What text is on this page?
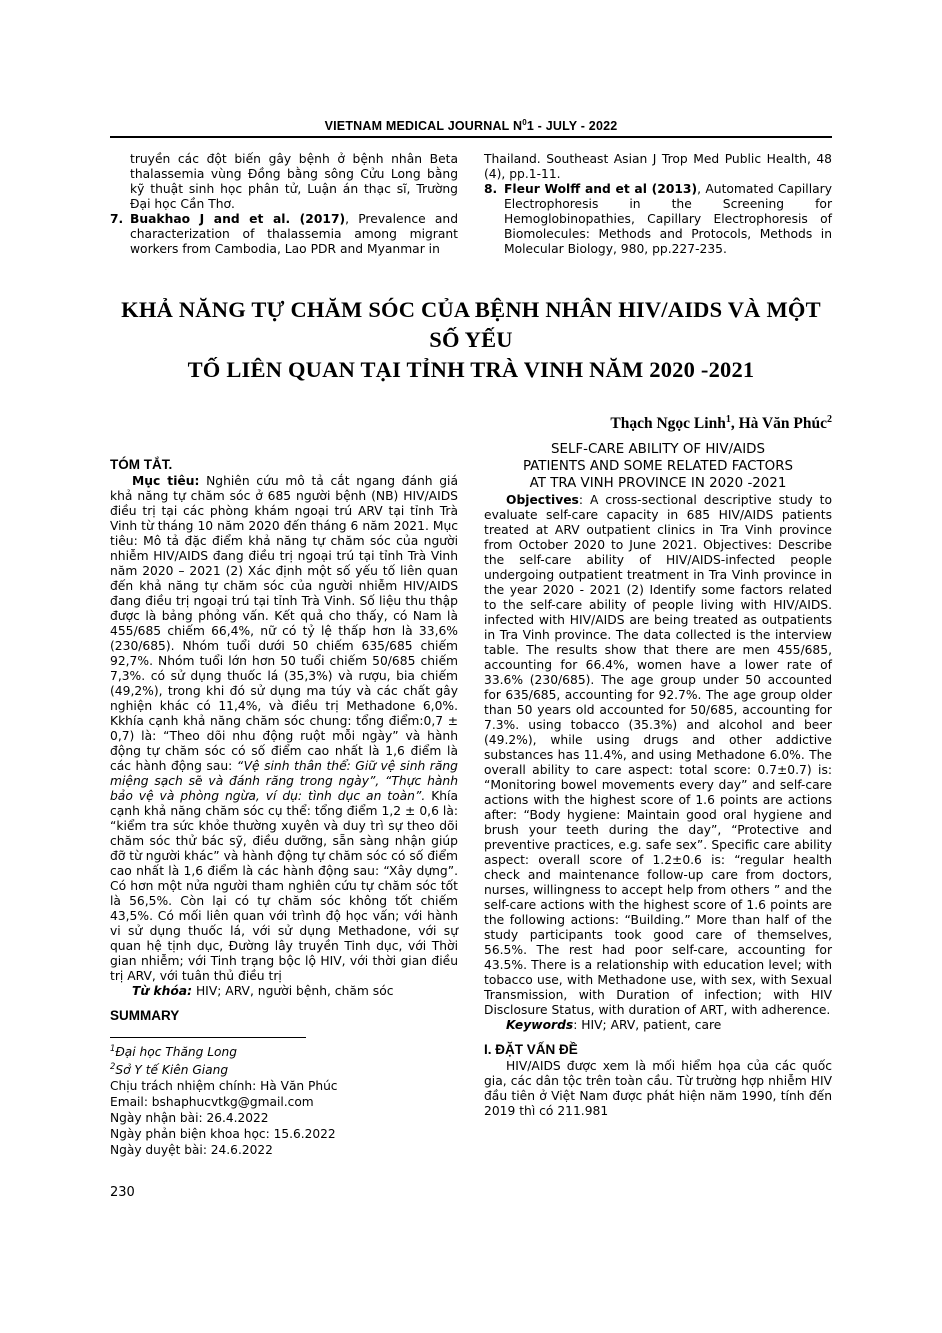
VIETNAM MEDICAL JOURNAL $N^01$ - JULY - 2022

truyền các đột biến gây bệnh ở bệnh nhân Beta thalassemia vùng Đồng bằng sông Cửu Long bằng kỹ thuật sinh học phân tử, Luận án thạc sĩ, Trường Đại học Cần Thơ.

7. Buakhao J and et al. (2017), Prevalence and characterization of thalassemia among migrant workers from Cambodia, Lao PDR and Myanmar in

Thailand. Southeast Asian J Trop Med Public Health, 48 (4), pp.1-11.

8. Fleur Wolff and et al (2013), Automated Capillary Electrophoresis in the Screening for Hemoglobinopathies, Capillary Electrophoresis of Biomolecules: Methods and Protocols, Methods in Molecular Biology, 980, pp.227-235.
KHẢ NĂNG TỰ CHĂM SÓC CỦA BỆNH NHÂN HIV/AIDS VÀ MỘT SỐ YẾU
TỐ LIÊN QUAN TẠI TỈNH TRÀ VINH NĂM 2020 -2021
Thạch Ngọc Linh$^1$, Hà Văn Phúc$^2$
TÓM TẮT.

Mục tiêu: Nghiên cứu mô tả cắt ngang đánh giá khả năng tự chăm sóc ở 685 người bệnh (NB) HIV/AIDS điều trị tại các phòng khám ngoại trú ARV tại tỉnh Trà Vinh từ tháng 10 năm 2020 đến tháng 6 năm 2021. Mục tiêu: Mô tả đặc điểm khả năng tự chăm sóc của người nhiễm HIV/AIDS đang điều trị ngoại trú tại tỉnh Trà Vinh năm 2020 – 2021 (2) Xác định một số yếu tố liên quan đến khả năng tự chăm sóc của người nhiễm HIV/AIDS đang điều trị ngoại trú tại tỉnh Trà Vinh. Số liệu thu thập được là bảng phỏng vấn. Kết quả cho thấy, có Nam là 455/685 chiếm 66,4%, nữ có tỷ lệ thấp hơn là 33,6% (230/685). Nhóm tuổi dưới 50 chiếm 635/685 chiếm 92,7%. Nhóm tuổi lớn hơn 50 tuổi chiếm 50/685 chiếm 7,3%. có sử dụng thuốc lá (35,3%) và rượu, bia chiếm (49,2%), trong khi đó sử dụng ma túy và các chất gây nghiện khác có 11,4%, và điều trị Methadone 6,0%. Kkhía cạnh khả năng chăm sóc chung: tổng điểm:0,7 ± 0,7) là: “Theo dõi nhu động ruột mỗi ngày” và hành động tự chăm sóc có số điểm cao nhất là 1,6 điểm là các hành động sau: “Vệ sinh thân thể: Giữ vệ sinh răng miệng sạch sẽ và đánh răng trong ngày”, “Thực hành bảo vệ và phòng ngừa, ví dụ: tình dục an toàn”. Khía cạnh khả năng chăm sóc cụ thể: tổng điểm 1,2 ± 0,6 là: “kiểm tra sức khỏe thường xuyên và duy trì sự theo dõi chăm sóc thử bác sỹ, điều dưỡng, sẵn sàng nhận giúp đỡ từ người khác” và hành động tự chăm sóc có số điểm cao nhất là 1,6 điểm là các hành động sau: “Xây dựng”. Có hơn một nửa người tham nghiên cứu tự chăm sóc tốt là 56,5%. Còn lại có tự chăm sóc không tốt chiếm 43,5%. Có mối liên quan với trình độ học vấn; với hành vi sử dụng thuốc lá, với sử dụng Methadone, với sự quan hệ tịnh dục, Đường lây truyền Tinh dục, với Thời gian nhiễm; với Tinh trạng bộc lộ HIV, với thời gian điều trị ARV, với tuân thủ điều trị

Từ khóa: HIV; ARV, người bệnh, chăm sóc

SUMMARY

$^1$Đại học Thăng Long

$^2$Sở Y tế Kiên Giang

Chịu trách nhiệm chính: Hà Văn Phúc

Email: bshaphucvtkg@gmail.com

Ngày nhận bài: 26.4.2022

Ngày phản biện khoa học: 15.6.2022

Ngày duyệt bài: 24.6.2022

230

SELF-CARE ABILITY OF HIV/AIDS
PATIENTS AND SOME RELATED FACTORS
AT TRA VINH PROVINCE IN 2020 -2021

Objectives: A cross-sectional descriptive study to evaluate self-care capacity in 685 HIV/AIDS patients treated at ARV outpatient clinics in Tra Vinh province from October 2020 to June 2021. Objectives: Describe the self-care ability of HIV/AIDS-infected people undergoing outpatient treatment in Tra Vinh province in the year 2020 - 2021 (2) Identify some factors related to the self-care ability of people living with HIV/AIDS. infected with HIV/AIDS are being treated as outpatients in Tra Vinh province. The data collected is the interview table. The results show that there are men 455/685, accounting for 66.4%, women have a lower rate of 33.6% (230/685). The age group under 50 accounted for 635/685, accounting for 92.7%. The age group older than 50 years old accounted for 50/685, accounting for 7.3%. using tobacco (35.3%) and alcohol and beer (49.2%), while using drugs and other addictive substances has 11.4%, and using Methadone 6.0%. The overall ability to care aspect: total score: 0.7±0.7) is: “Monitoring bowel movements every day” and self-care actions with the highest score of 1.6 points are actions after: “Body hygiene: Maintain good oral hygiene and brush your teeth during the day”, “Protective and preventive practices, e.g. safe sex”. Specific care ability aspect: overall score of 1.2±0.6 is: “regular health check and maintenance follow-up care from doctors, nurses, willingness to accept help from others ” and the self-care actions with the highest score of 1.6 points are the following actions: “Building.” More than half of the study participants took good care of themselves, 56.5%. The rest had poor self-care, accounting for 43.5%. There is a relationship with education level; with tobacco use, with Methadone use, with sex, with Sexual Transmission, with Duration of infection; with HIV Disclosure Status, with duration of ART, with adherence.

Keywords: HIV; ARV, patient, care

I. ĐẶT VẤN ĐỀ

HIV/AIDS được xem là mối hiểm họa của các quốc gia, các dân tộc trên toàn cầu. Từ trường hợp nhiễm HIV đầu tiên ở Việt Nam được phát hiện năm 1990, tính đến 2019 thì có 211.981
